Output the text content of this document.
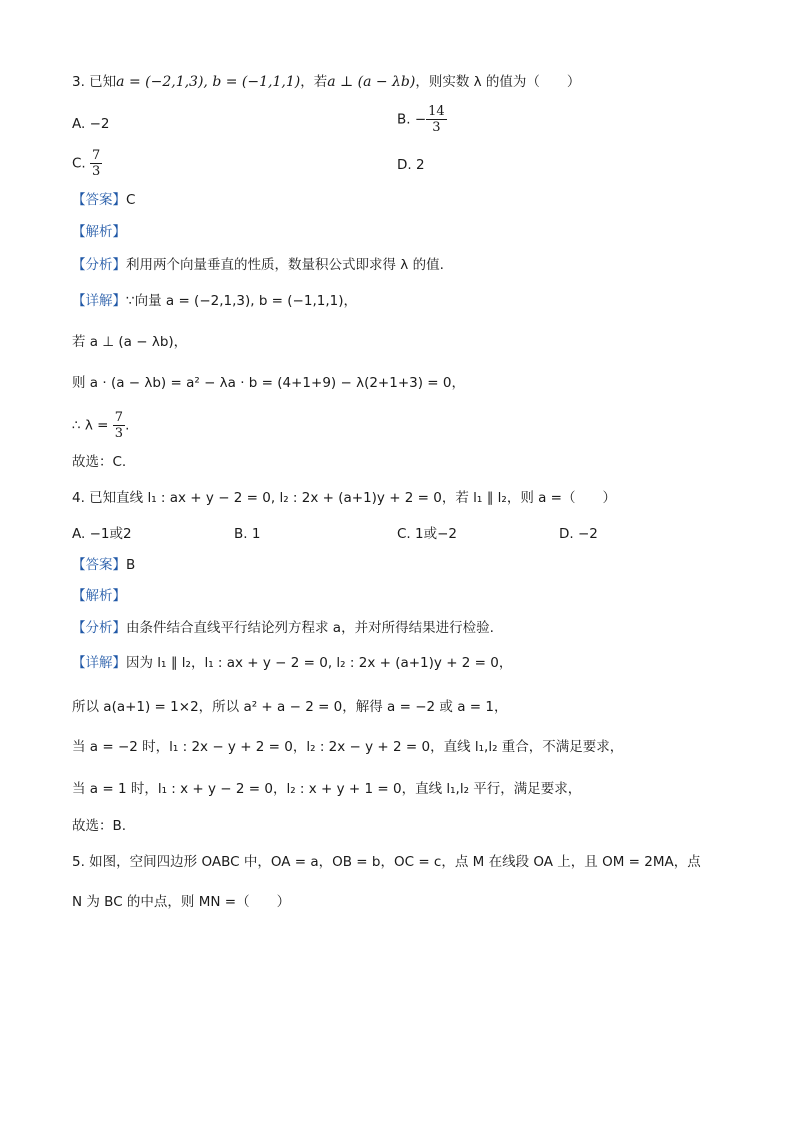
3. 已知a = (−2,1,3), b = (−1,1,1)，若a ⊥ (a − λb)，则实数 λ 的值为（　　）
A. −2	B. − $\frac{14}{3}$
C. $\frac{7}{3}$	D. 2
【答案】C
【解析】
【分析】利用两个向量垂直的性质，数量积公式即求得 λ 的值.
【详解】∵向量 a = (−2,1,3), b = (−1,1,1)，
若 a ⊥ (a − λb)，
则 a · (a − λb) = a² − λa · b = (4+1+9) − λ(2+1+3) = 0，
∴ $\lambda = \frac{7}{3}$ .
故选：C.
4. 已知直线 l₁ : ax + y − 2 = 0, l₂ : 2x + (a+1)y + 2 = 0，若 l₁ ∥ l₂，则 a =（　　）
A. −1或2	B. 1	C. 1或−2	D. −2
【答案】B
【解析】
【分析】由条件结合直线平行结论列方程求 a，并对所得结果进行检验.
【详解】因为 l₁ ∥ l₂，l₁ : ax + y − 2 = 0, l₂ : 2x + (a+1)y + 2 = 0，
所以 a(a+1) = 1×2，所以 a² + a − 2 = 0，解得 a = −2 或 a = 1，
当 a = −2 时，l₁ : 2x − y + 2 = 0，l₂ : 2x − y + 2 = 0，直线 l₁,l₂ 重合，不满足要求，
当 a = 1 时，l₁ : x + y − 2 = 0，l₂ : x + y + 1 = 0，直线 l₁,l₂ 平行，满足要求，
故选：B.
5. 如图，空间四边形 OABC 中，OA = a，OB = b，OC = c，点 M 在线段 OA 上，且 OM = 2MA，点
N 为 BC 的中点，则 MN =（　　）
